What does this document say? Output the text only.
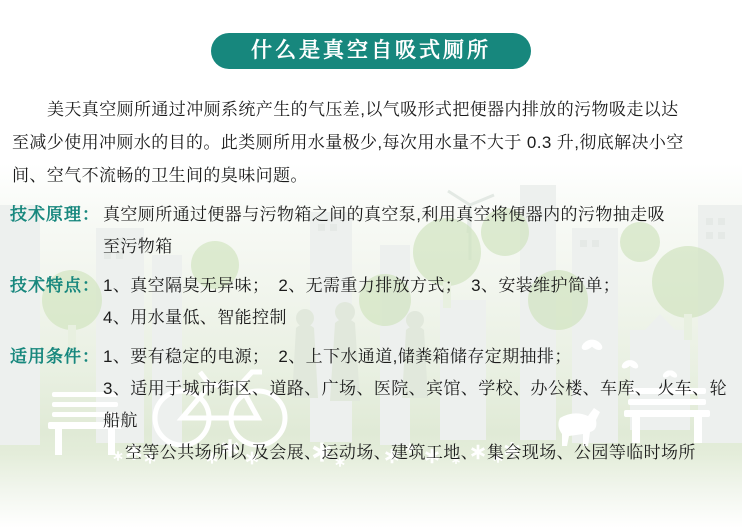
什么是真空自吸式厕所
美天真空厕所通过冲厕系统产生的气压差,以气吸形式把便器内排放的污物吸走以达
至减少使用冲厕水的目的。此类厕所用水量极少,每次用水量不大于 0.3 升,彻底解决小空
间、空气不流畅的卫生间的臭味问题。
技术原理： 真空厕所通过便器与污物箱之间的真空泵,利用真空将便器内的污物抽走吸
至污物箱
技术特点： 1、真空隔臭无异味；　2、无需重力排放方式；　3、安装维护简单；
4、用水量低、智能控制
适用条件： 1、要有稳定的电源；　2、上下水通道,储粪箱储存定期抽排；
3、适用于城市街区、道路、广场、医院、宾馆、学校、办公楼、车库、 火车、轮船航
空等公共场所以 及会展、运动场、建筑工地、　集会现场、公园等临时场所
